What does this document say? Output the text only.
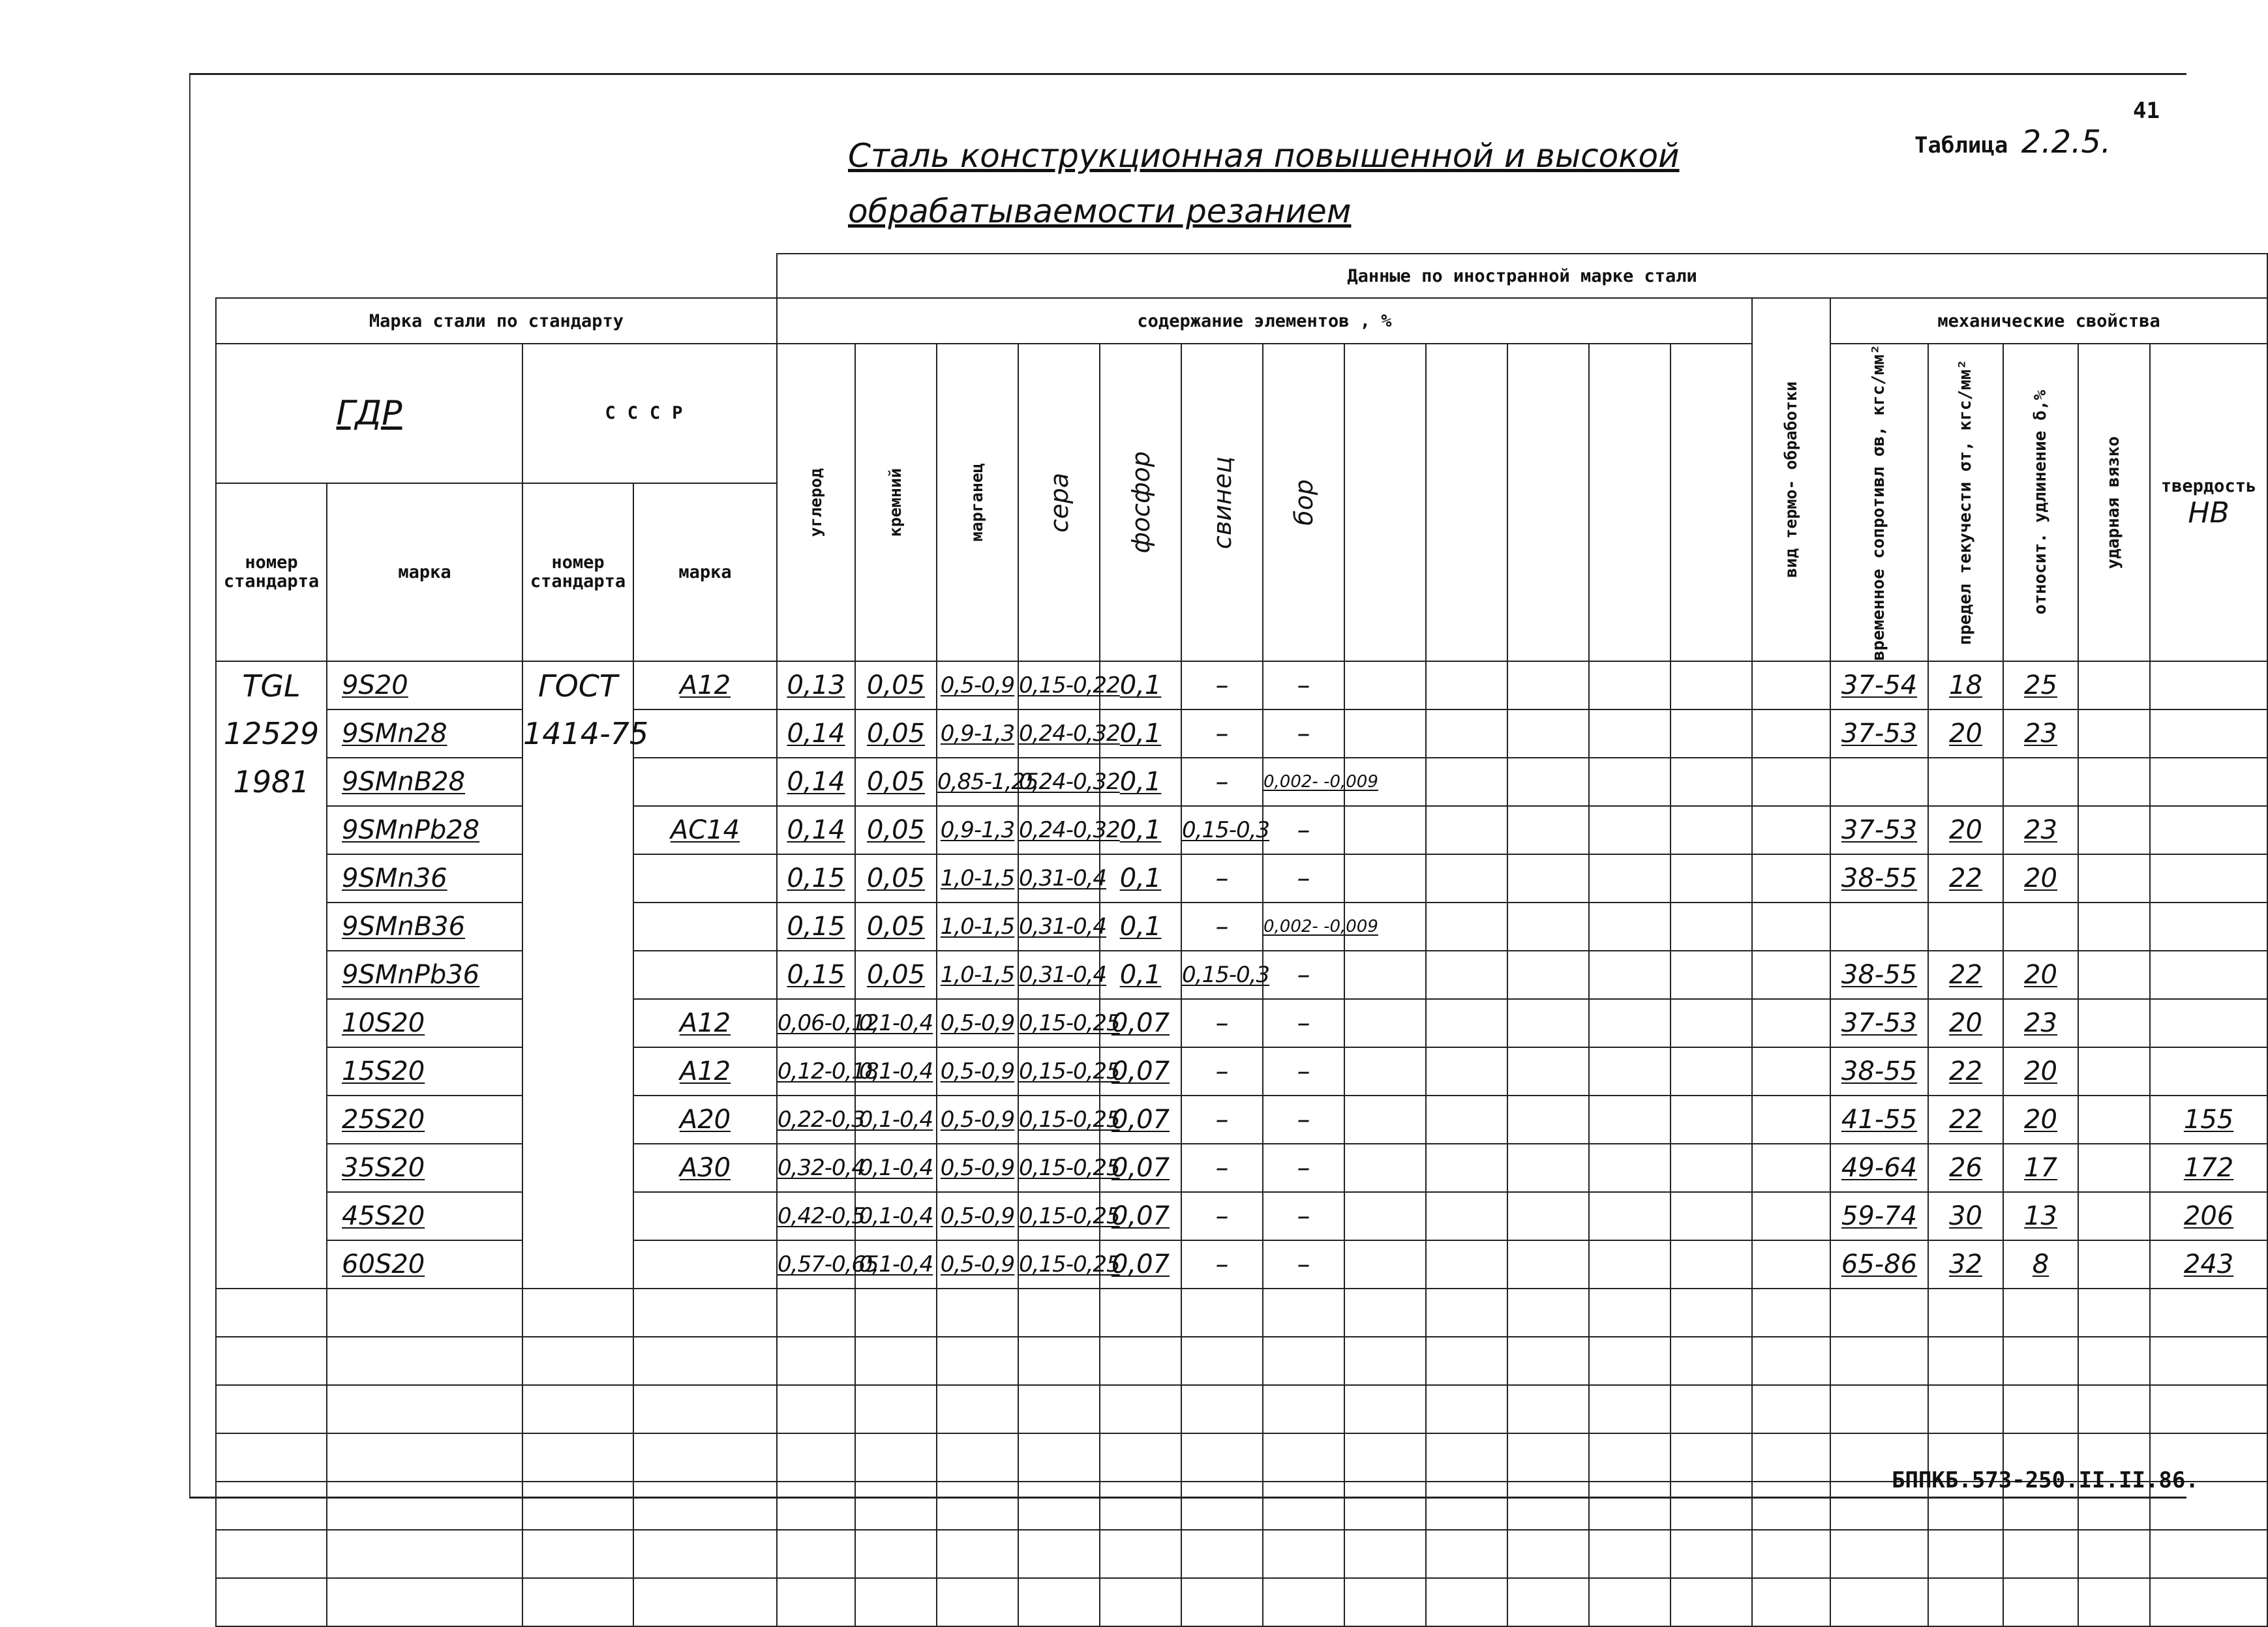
41
Таблица 2.2.5.
Сталь конструкционная повышенной и высокой
обрабатываемости резанием
				Данные по иностранной марке стали																	
Марка стали по стандарту				содержание элементов , %												вид термо- обработки	механические свойства				
ГДР		СССР		углерод	кремний	марганец	сера	фосфор	свинец	бор							временное сопротивл σв, кгс/мм²	предел текучести σт, кгс/мм²	относит. удлинение δ,%	ударная вязко	твердость
НВ

номер стандарта	марка	номер стандарта	марка																		
TGL	9S20	ГОСТ	А12	0,13	0,05	0,5-0,9	0,15-0,22	0,1	–	–							37-54	18	25		
12529	9SMn28	1414-75		0,14	0,05	0,9-1,3	0,24-0,32	0,1	–	–							37-53	20	23		
1981	9SMnB28			0,14	0,05	0,85-1,25	0,24-0,32	0,1	–	0,002- -0,009											
	9SMnPb28		АС14	0,14	0,05	0,9-1,3	0,24-0,32	0,1	0,15-0,3	–							37-53	20	23		
	9SMn36			0,15	0,05	1,0-1,5	0,31-0,4	0,1	–	–							38-55	22	20		
	9SMnB36			0,15	0,05	1,0-1,5	0,31-0,4	0,1	–	0,002- -0,009											
	9SMnPb36			0,15	0,05	1,0-1,5	0,31-0,4	0,1	0,15-0,3	–							38-55	22	20		
	10S20		А12	0,06-0,12	0,1-0,4	0,5-0,9	0,15-0,25	0,07	–	–							37-53	20	23		
	15S20		А12	0,12-0,18	0,1-0,4	0,5-0,9	0,15-0,25	0,07	–	–							38-55	22	20		
	25S20		А20	0,22-0,3	0,1-0,4	0,5-0,9	0,15-0,25	0,07	–	–							41-55	22	20		155
	35S20		А30	0,32-0,4	0,1-0,4	0,5-0,9	0,15-0,25	0,07	–	–							49-64	26	17		172
	45S20			0,42-0,5	0,1-0,4	0,5-0,9	0,15-0,25	0,07	–	–							59-74	30	13		206
	60S20			0,57-0,65	0,1-0,4	0,5-0,9	0,15-0,25	0,07	–	–							65-86	32	8		243

БППКБ.573-250.II.II.86.
